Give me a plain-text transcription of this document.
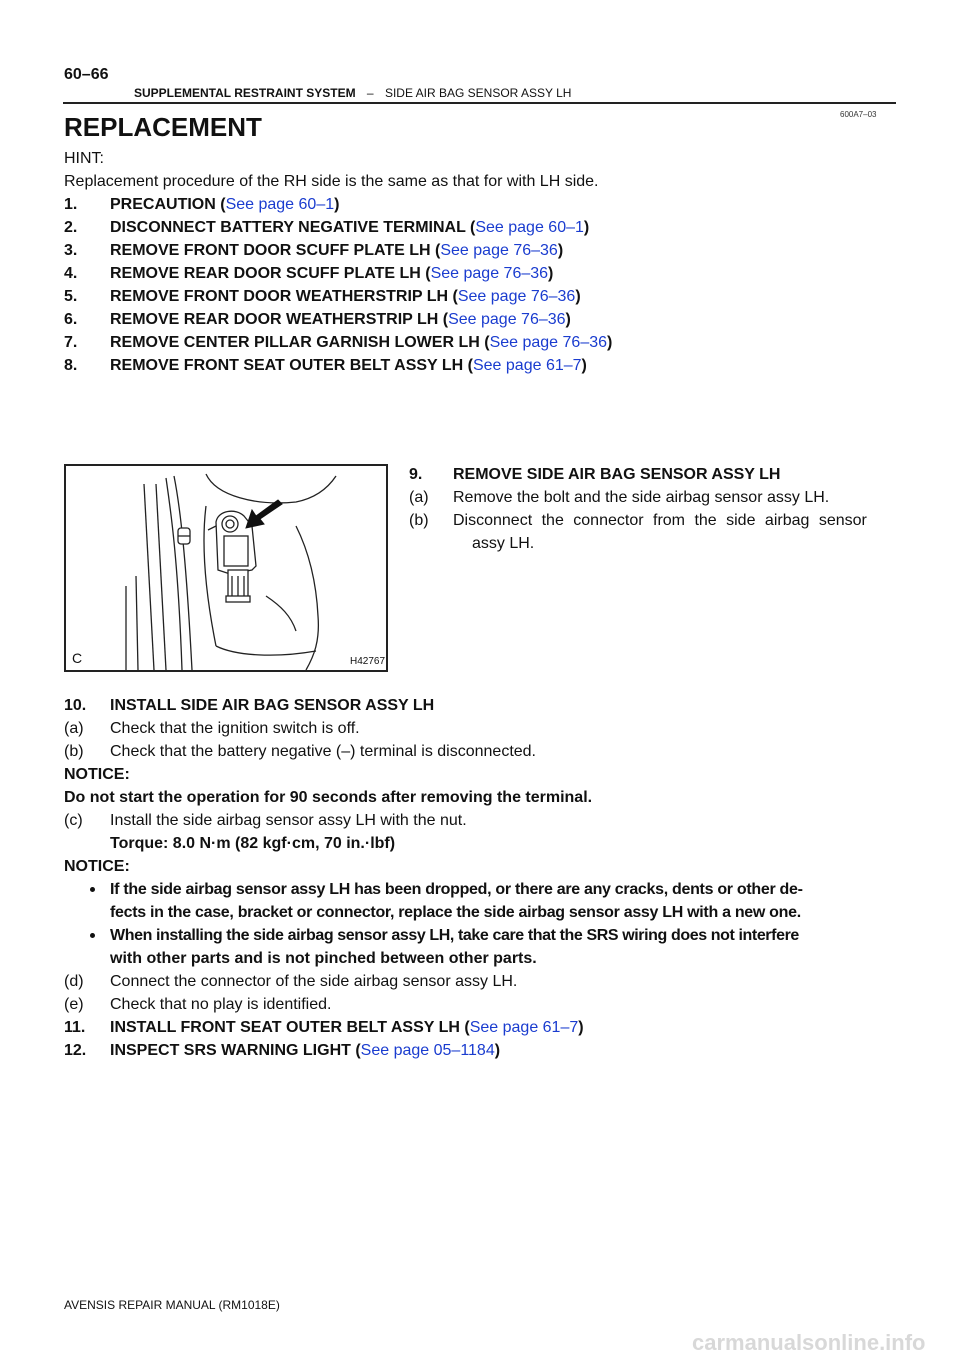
60–66
SUPPLEMENTAL RESTRAINT SYSTEM – SIDE AIR BAG SENSOR ASSY LH
600A7–03
REPLACEMENT
HINT:
Replacement procedure of the RH side is the same as that for with LH side.
1. PRECAUTION (See page 60–1)
2. DISCONNECT BATTERY NEGATIVE TERMINAL (See page 60–1)
3. REMOVE FRONT DOOR SCUFF PLATE LH (See page 76–36)
4. REMOVE REAR DOOR SCUFF PLATE LH (See page 76–36)
5. REMOVE FRONT DOOR WEATHERSTRIP LH (See page 76–36)
6. REMOVE REAR DOOR WEATHERSTRIP LH (See page 76–36)
7. REMOVE CENTER PILLAR GARNISH LOWER LH (See page 76–36)
8. REMOVE FRONT SEAT OUTER BELT ASSY LH (See page 61–7)
C	H42767
9. REMOVE SIDE AIR BAG SENSOR ASSY LH
(a) Remove the bolt and the side airbag sensor assy LH.
(b) Disconnect the connector from the side airbag sensor
assy LH.
10. INSTALL SIDE AIR BAG SENSOR ASSY LH
(a) Check that the ignition switch is off.
(b) Check that the battery negative (–) terminal is disconnected.
NOTICE:
Do not start the operation for 90 seconds after removing the terminal.
(c) Install the side airbag sensor assy LH with the nut.
Torque: 8.0 N·m (82 kgf·cm, 70 in.·lbf)
NOTICE:
If the side airbag sensor assy LH has been dropped, or there are any cracks, dents or other de-
fects in the case, bracket or connector, replace the side airbag sensor assy LH with a new one.
When installing the side airbag sensor assy LH, take care that the SRS wiring does not interfere
with other parts and is not pinched between other parts.
(d) Connect the connector of the side airbag sensor assy LH.
(e) Check that no play is identified.
11. INSTALL FRONT SEAT OUTER BELT ASSY LH (See page 61–7)
12. INSPECT SRS WARNING LIGHT (See page 05–1184)
AVENSIS REPAIR MANUAL (RM1018E)
carmanualsonline.info
